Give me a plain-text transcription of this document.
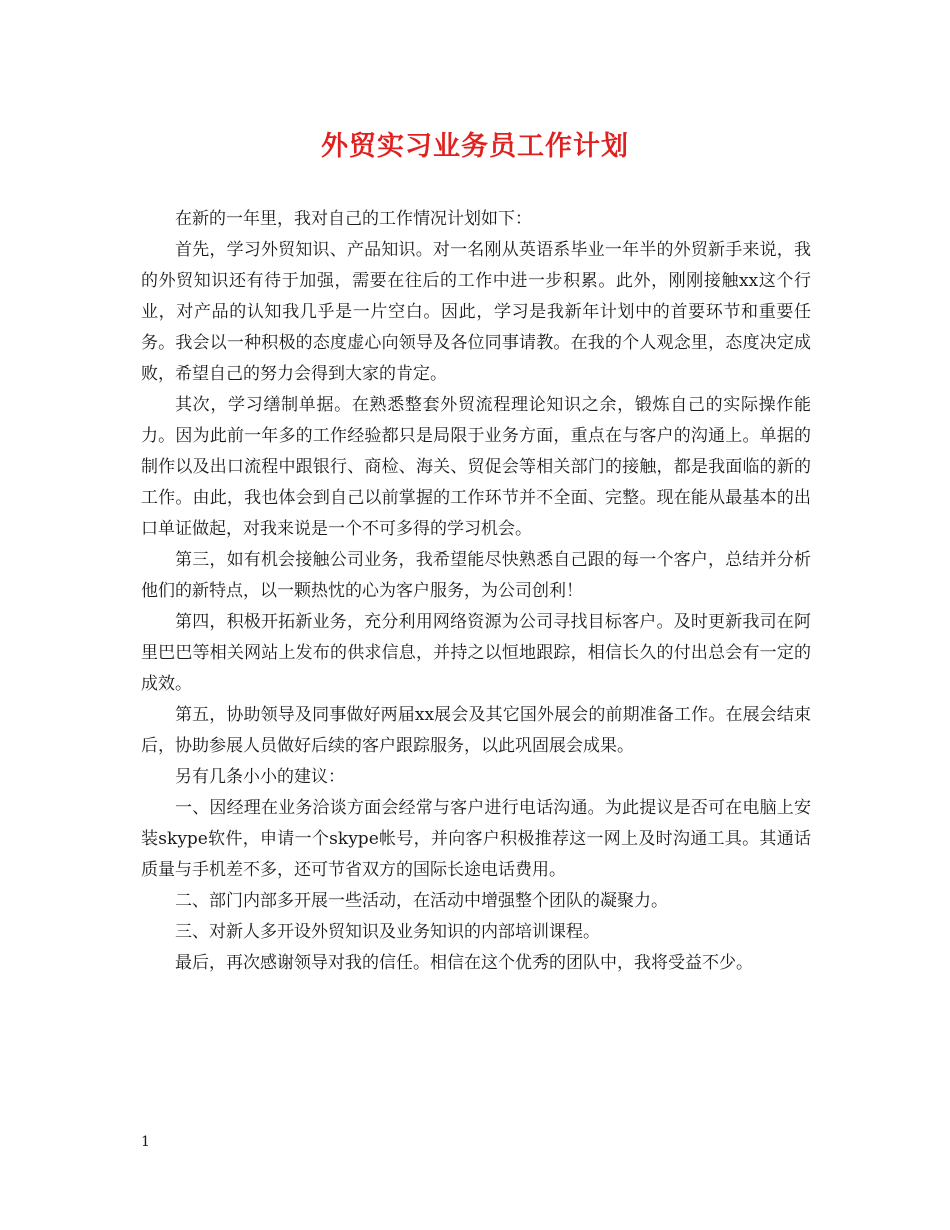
外贸实习业务员工作计划

在新的一年里，我对自己的工作情况计划如下：

首先，学习外贸知识、产品知识。对一名刚从英语系毕业一年半的外贸新手来说，我的外贸知识还有待于加强，需要在往后的工作中进一步积累。此外，刚刚接触xx这个行业，对产品的认知我几乎是一片空白。因此，学习是我新年计划中的首要环节和重要任务。我会以一种积极的态度虚心向领导及各位同事请教。在我的个人观念里，态度决定成败，希望自己的努力会得到大家的肯定。

其次，学习缮制单据。在熟悉整套外贸流程理论知识之余，锻炼自己的实际操作能力。因为此前一年多的工作经验都只是局限于业务方面，重点在与客户的沟通上。单据的制作以及出口流程中跟银行、商检、海关、贸促会等相关部门的接触，都是我面临的新的工作。由此，我也体会到自己以前掌握的工作环节并不全面、完整。现在能从最基本的出口单证做起，对我来说是一个不可多得的学习机会。

第三，如有机会接触公司业务，我希望能尽快熟悉自己跟的每一个客户，总结并分析他们的新特点，以一颗热忱的心为客户服务，为公司创利！

第四，积极开拓新业务，充分利用网络资源为公司寻找目标客户。及时更新我司在阿里巴巴等相关网站上发布的供求信息，并持之以恒地跟踪，相信长久的付出总会有一定的成效。

第五，协助领导及同事做好两届xx展会及其它国外展会的前期准备工作。在展会结束后，协助参展人员做好后续的客户跟踪服务，以此巩固展会成果。

另有几条小小的建议：

一、因经理在业务洽谈方面会经常与客户进行电话沟通。为此提议是否可在电脑上安装skype软件，申请一个skype帐号，并向客户积极推荐这一网上及时沟通工具。其通话质量与手机差不多，还可节省双方的国际长途电话费用。

二、部门内部多开展一些活动，在活动中增强整个团队的凝聚力。

三、对新人多开设外贸知识及业务知识的内部培训课程。

最后，再次感谢领导对我的信任。相信在这个优秀的团队中，我将受益不少。

1
